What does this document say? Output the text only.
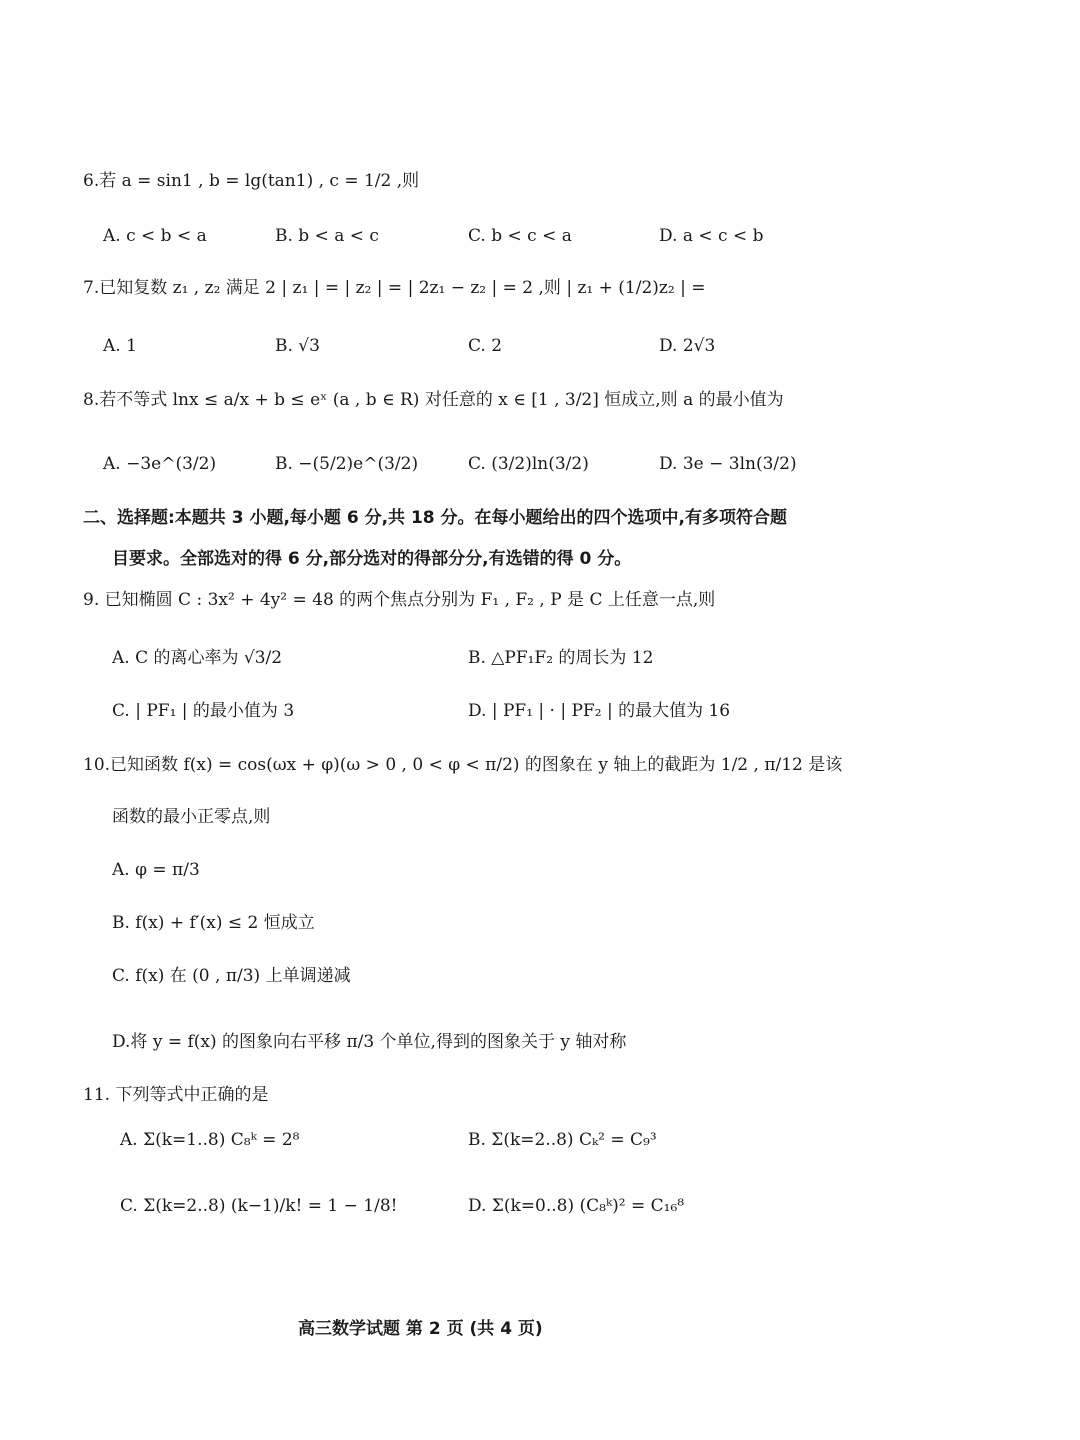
6.若 a = sin1 , b = lg(tan1) , c = 1/2 ,则
A. c < b < a	B. b < a < c	C. b < c < a	D. a < c < b
7.已知复数 z₁ , z₂ 满足 2 | z₁ | = | z₂ | = | 2z₁ − z₂ | = 2 ,则 | z₁ + (1/2)z₂ | =
A. 1	B. √3	C. 2	D. 2√3
8.若不等式 lnx ≤ a/x + b ≤ eˣ (a , b ∈ R) 对任意的 x ∈ [1 , 3/2] 恒成立,则 a 的最小值为
A. −3e^(3/2)	B. −(5/2)e^(3/2)	C. (3/2)ln(3/2)	D. 3e − 3ln(3/2)
二、选择题:本题共 3 小题,每小题 6 分,共 18 分。在每小题给出的四个选项中,有多项符合题
目要求。全部选对的得 6 分,部分选对的得部分分,有选错的得 0 分。
9. 已知椭圆 C : 3x² + 4y² = 48 的两个焦点分别为 F₁ , F₂ , P 是 C 上任意一点,则
A. C 的离心率为 √3/2	B. △PF₁F₂ 的周长为 12
C. | PF₁ | 的最小值为 3	D. | PF₁ | · | PF₂ | 的最大值为 16
10.已知函数 f(x) = cos(ωx + φ)(ω > 0 , 0 < φ < π/2) 的图象在 y 轴上的截距为 1/2 , π/12 是该
函数的最小正零点,则
A. φ = π/3
B. f(x) + f′(x) ≤ 2 恒成立
C. f(x) 在 (0 , π/3) 上单调递减
D.将 y = f(x) 的图象向右平移 π/3 个单位,得到的图象关于 y 轴对称
11. 下列等式中正确的是
A. Σ(k=1..8) C₈ᵏ = 2⁸	B. Σ(k=2..8) Cₖ² = C₉³
C. Σ(k=2..8) (k−1)/k! = 1 − 1/8!	D. Σ(k=0..8) (C₈ᵏ)² = C₁₆⁸
高三数学试题 第 2 页 (共 4 页)
